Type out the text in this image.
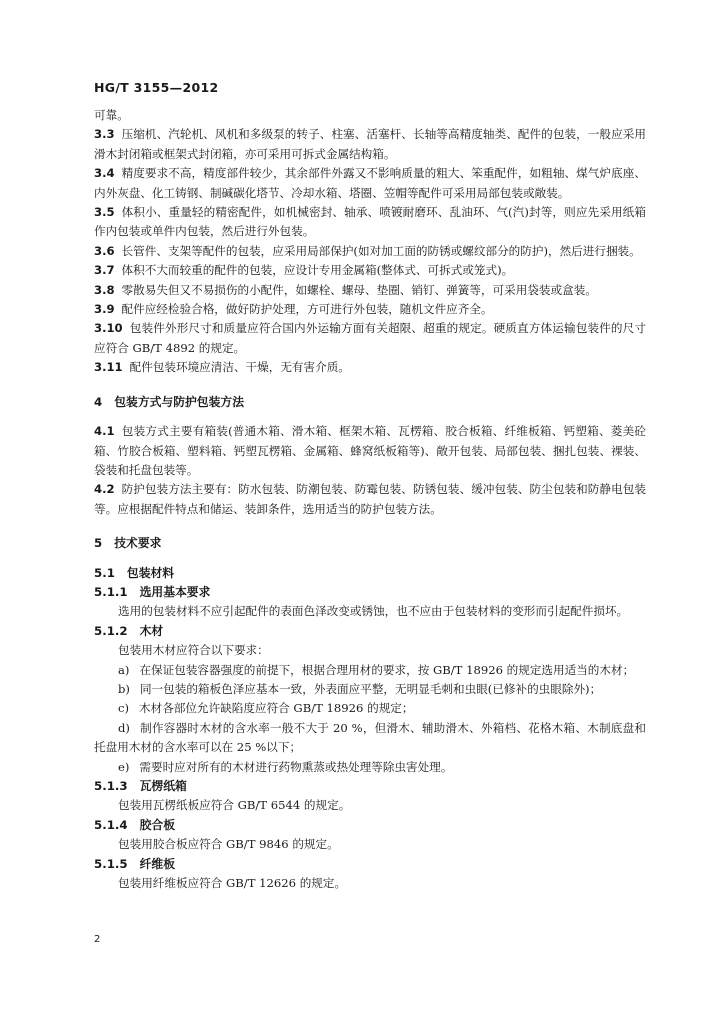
HG/T 3155—2012

可靠。

3.3 压缩机、汽轮机、风机和多级泵的转子、柱塞、活塞杆、长轴等高精度轴类、配件的包装，一般应采用滑木封闭箱或框架式封闭箱，亦可采用可拆式金属结构箱。

3.4 精度要求不高，精度部件较少，其余部件外露又不影响质量的粗大、笨重配件，如粗轴、煤气炉底座、内外灰盘、化工铸钢、制碱碳化塔节、冷却水箱、塔圈、笠帽等配件可采用局部包装或敞装。

3.5 体积小、重量轻的精密配件，如机械密封、轴承、喷镀耐磨环、乱油环、气(汽)封等，则应先采用纸箱作内包装或单件内包装，然后进行外包装。

3.6 长管件、支架等配件的包装，应采用局部保护(如对加工面的防锈或螺纹部分的防护)，然后进行捆装。

3.7 体积不大而较重的配件的包装，应设计专用金属箱(整体式、可拆式或笼式)。

3.8 零散易失但又不易损伤的小配件，如螺栓、螺母、垫圈、销钉、弹簧等，可采用袋装或盒装。

3.9 配件应经检验合格，做好防护处理，方可进行外包装，随机文件应齐全。

3.10 包装件外形尺寸和质量应符合国内外运输方面有关超限、超重的规定。硬质直方体运输包装件的尺寸应符合 GB/T 4892 的规定。

3.11 配件包装环境应清洁、干燥，无有害介质。

4 包装方式与防护包装方法

4.1 包装方式主要有箱装(普通木箱、滑木箱、框架木箱、瓦楞箱、胶合板箱、纤维板箱、钙塑箱、菱美砼箱、竹胶合板箱、塑料箱、钙塑瓦楞箱、金属箱、蜂窝纸板箱等)、敞开包装、局部包装、捆扎包装、裸装、袋装和托盘包装等。

4.2 防护包装方法主要有：防水包装、防潮包装、防霉包装、防锈包装、缓冲包装、防尘包装和防静电包装等。应根据配件特点和储运、装卸条件，选用适当的防护包装方法。

5 技术要求

5.1 包装材料

5.1.1 选用基本要求

选用的包装材料不应引起配件的表面色泽改变或锈蚀，也不应由于包装材料的变形而引起配件损坏。

5.1.2 木材

包装用木材应符合以下要求：

a) 在保证包装容器强度的前提下，根据合理用材的要求，按 GB/T 18926 的规定选用适当的木材；

b) 同一包装的箱板色泽应基本一致，外表面应平整，无明显毛刺和虫眼(已修补的虫眼除外)；

c) 木材各部位允许缺陷度应符合 GB/T 18926 的规定；

d) 制作容器时木材的含水率一般不大于 20 %，但滑木、辅助滑木、外箱档、花格木箱、木制底盘和托盘用木材的含水率可以在 25 %以下；

e) 需要时应对所有的木材进行药物熏蒸或热处理等除虫害处理。

5.1.3 瓦楞纸箱

包装用瓦楞纸板应符合 GB/T 6544 的规定。

5.1.4 胶合板

包装用胶合板应符合 GB/T 9846 的规定。

5.1.5 纤维板

包装用纤维板应符合 GB/T 12626 的规定。

2
